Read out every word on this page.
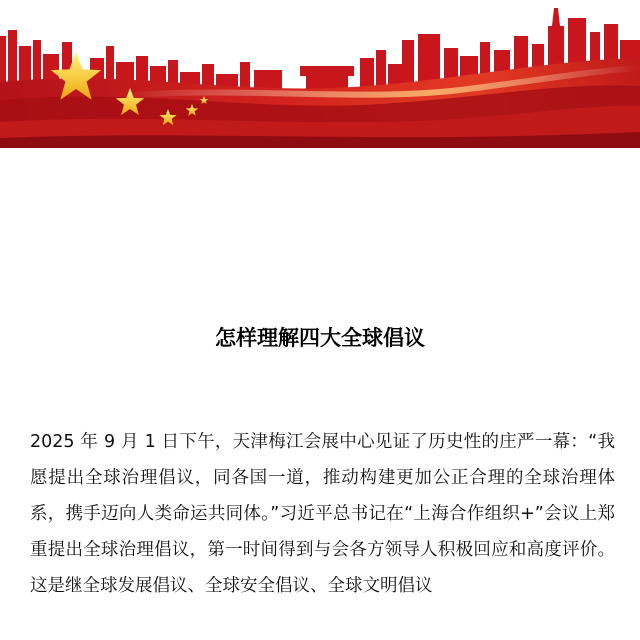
怎样理解四大全球倡议

2025 年 9 月 1 日下午，天津梅江会展中心见证了历史性的庄严一幕：“我愿提出全球治理倡议，同各国一道，推动构建更加公正合理的全球治理体系，携手迈向人类命运共同体。”习近平总书记在“上海合作组织+”会议上郑重提出全球治理倡议，第一时间得到与会各方领导人积极回应和高度评价。这是继全球发展倡议、全球安全倡议、全球文明倡议
